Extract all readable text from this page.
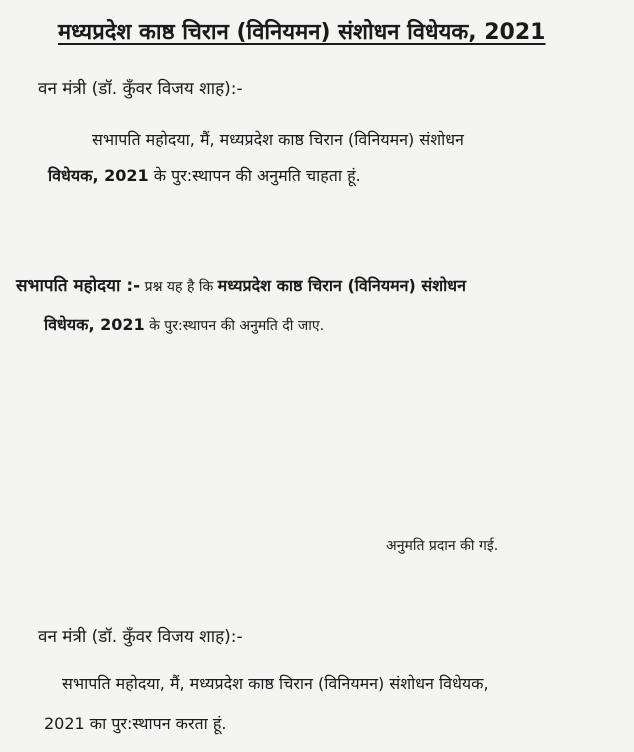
मध्यप्रदेश काष्ठ चिरान (विनियमन) संशोधन विधेयक, 2021
वन मंत्री (डॉ. कुँवर विजय शाह):-
सभापति महोदया, मैं, मध्यप्रदेश काष्ठ चिरान (विनियमन) संशोधन
विधेयक, 2021 के पुर:स्थापन की अनुमति चाहता हूं.
सभापति महोदया :- प्रश्न यह है कि मध्यप्रदेश काष्ठ चिरान (विनियमन) संशोधन
विधेयक, 2021 के पुर:स्थापन की अनुमति दी जाए.
अनुमति प्रदान की गई.
वन मंत्री (डॉ. कुँवर विजय शाह):-
सभापति महोदया, मैं, मध्यप्रदेश काष्ठ चिरान (विनियमन) संशोधन विधेयक,
2021 का पुर:स्थापन करता हूं.
